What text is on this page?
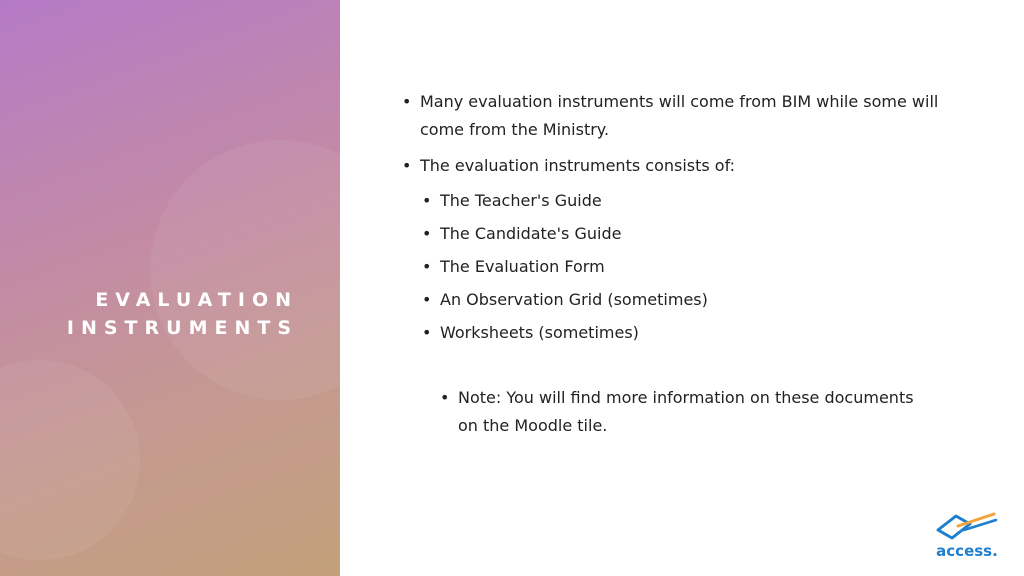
EVALUATION
INSTRUMENTS
• Many evaluation instruments will come from BIM while some will come from the Ministry.
• The evaluation instruments consists of:
• The Teacher's Guide
• The Candidate's Guide
• The Evaluation Form
• An Observation Grid (sometimes)
• Worksheets (sometimes)
• Note: You will find more information on these documents on the Moodle tile.
access.
